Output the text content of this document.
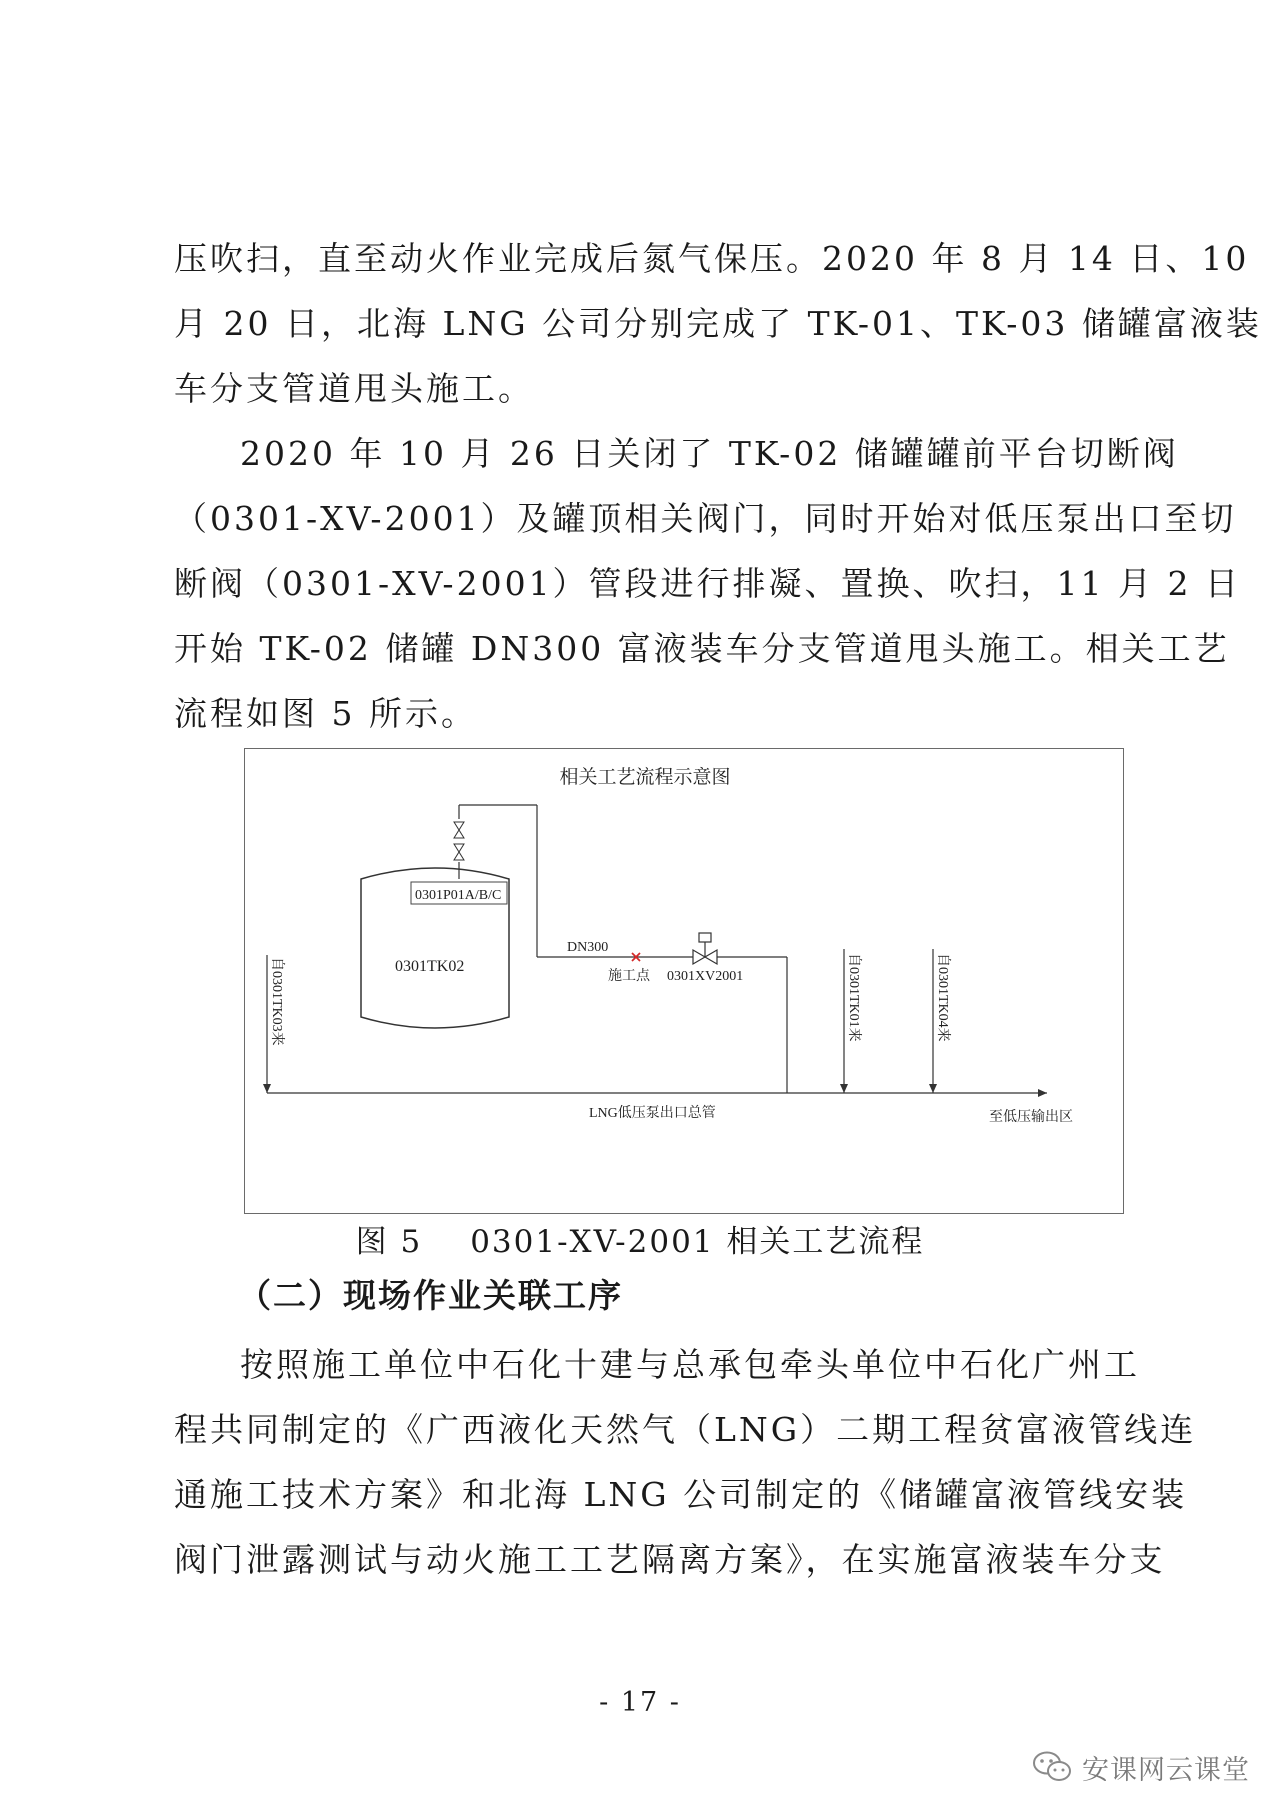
压吹扫，直至动火作业完成后氮气保压。2020 年 8 月 14 日、10
月 20 日，北海 LNG 公司分别完成了 TK-01、TK-03 储罐富液装
车分支管道甩头施工。

2020 年 10 月 26 日关闭了 TK-02 储罐罐前平台切断阀
（0301-XV-2001）及罐顶相关阀门，同时开始对低压泵出口至切
断阀（0301-XV-2001）管段进行排凝、置换、吹扫，11 月 2 日
开始 TK-02 储罐 DN300 富液装车分支管道甩头施工。相关工艺
流程如图 5 所示。

相关工艺流程示意图
0301TK02
0301P01A/B/C
DN300
施工点 0301XV2001
LNG低压泵出口总管	至低压输出区
自0301TK03来	自0301TK01来	自0301TK04来
图 5 0301-XV-2001 相关工艺流程
（二）现场作业关联工序

按照施工单位中石化十建与总承包牵头单位中石化广州工
程共同制定的《广西液化天然气（LNG）二期工程贫富液管线连
通施工技术方案》和北海 LNG 公司制定的《储罐富液管线安装
阀门泄露测试与动火施工工艺隔离方案》，在实施富液装车分支

- 17 -
安课网云课堂
